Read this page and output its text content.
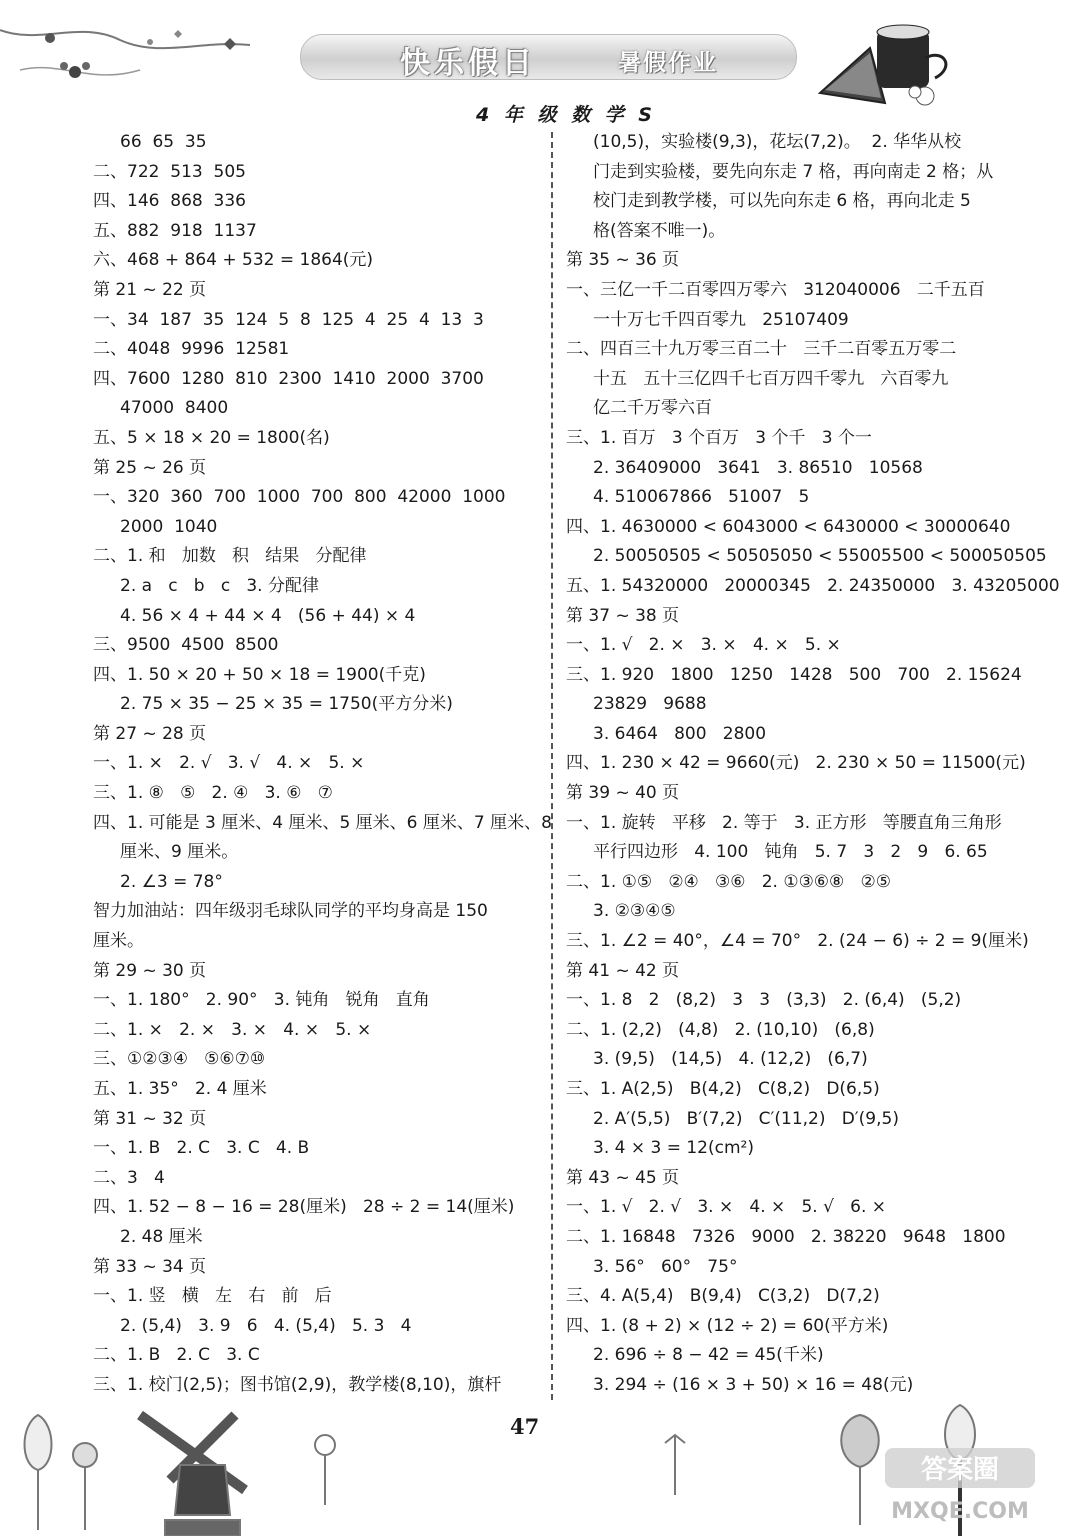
快乐假日	暑假作业
4 年 级 数 学 S
66  65  35
二、722  513  505
四、146  868  336
五、882  918  1137
六、468 + 864 + 532 = 1864(元)
第 21 ~ 22 页
一、34  187  35  124  5  8  125  4  25  4  13  3
二、4048  9996  12581
四、7600  1280  810  2300  1410  2000  3700
47000  8400
五、5 × 18 × 20 = 1800(名)
第 25 ~ 26 页
一、320  360  700  1000  700  800  42000  1000
2000  1040
二、1. 和   加数   积   结果   分配律
2. a   c   b   c   3. 分配律
4. 56 × 4 + 44 × 4   (56 + 44) × 4
三、9500  4500  8500
四、1. 50 × 20 + 50 × 18 = 1900(千克)
2. 75 × 35 − 25 × 35 = 1750(平方分米)
第 27 ~ 28 页
一、1. ×   2. √   3. √   4. ×   5. ×
三、1. ⑧   ⑤   2. ④   3. ⑥   ⑦
四、1. 可能是 3 厘米、4 厘米、5 厘米、6 厘米、7 厘米、8
厘米、9 厘米。
2. ∠3 = 78°
智力加油站：四年级羽毛球队同学的平均身高是 150
厘米。
第 29 ~ 30 页
一、1. 180°   2. 90°   3. 钝角   锐角   直角
二、1. ×   2. ×   3. ×   4. ×   5. ×
三、①②③④   ⑤⑥⑦⑩
五、1. 35°   2. 4 厘米
第 31 ~ 32 页
一、1. B   2. C   3. C   4. B
二、3   4
四、1. 52 − 8 − 16 = 28(厘米)   28 ÷ 2 = 14(厘米)
2. 48 厘米
第 33 ~ 34 页
一、1. 竖   横   左   右   前   后
2. (5,4)   3. 9   6   4. (5,4)   5. 3   4
二、1. B   2. C   3. C
三、1. 校门(2,5)；图书馆(2,9)，教学楼(8,10)，旗杆
(10,5)，实验楼(9,3)，花坛(7,2)。  2. 华华从校
门走到实验楼，要先向东走 7 格，再向南走 2 格；从
校门走到教学楼，可以先向东走 6 格，再向北走 5
格(答案不唯一)。
第 35 ~ 36 页
一、三亿一千二百零四万零六   312040006   二千五百
一十万七千四百零九   25107409
二、四百三十九万零三百二十   三千二百零五万零二
十五   五十三亿四千七百万四千零九   六百零九
亿二千万零六百
三、1. 百万   3 个百万   3 个千   3 个一
2. 36409000   3641   3. 86510   10568
4. 510067866   51007   5
四、1. 4630000 < 6043000 < 6430000 < 30000640
2. 50050505 < 50505050 < 55005500 < 500050505
五、1. 54320000   20000345   2. 24350000   3. 43205000
第 37 ~ 38 页
一、1. √   2. ×   3. ×   4. ×   5. ×
三、1. 920   1800   1250   1428   500   700   2. 15624
23829   9688
3. 6464   800   2800
四、1. 230 × 42 = 9660(元)   2. 230 × 50 = 11500(元)
第 39 ~ 40 页
一、1. 旋转   平移   2. 等于   3. 正方形   等腰直角三角形
平行四边形   4. 100   钝角   5. 7   3   2   9   6. 65
二、1. ①⑤   ②④   ③⑥   2. ①③⑥⑧   ②⑤
3. ②③④⑤
三、1. ∠2 = 40°，∠4 = 70°   2. (24 − 6) ÷ 2 = 9(厘米)
第 41 ~ 42 页
一、1. 8   2   (8,2)   3   3   (3,3)   2. (6,4)   (5,2)
二、1. (2,2)   (4,8)   2. (10,10)   (6,8)
3. (9,5)   (14,5)   4. (12,2)   (6,7)
三、1. A(2,5)   B(4,2)   C(8,2)   D(6,5)
2. A′(5,5)   B′(7,2)   C′(11,2)   D′(9,5)
3. 4 × 3 = 12(cm²)
第 43 ~ 45 页
一、1. √   2. √   3. ×   4. ×   5. √   6. ×
二、1. 16848   7326   9000   2. 38220   9648   1800
3. 56°   60°   75°
三、4. A(5,4)   B(9,4)   C(3,2)   D(7,2)
四、1. (8 + 2) × (12 ÷ 2) = 60(平方米)
2. 696 ÷ 8 − 42 = 45(千米)
3. 294 ÷ (16 × 3 + 50) × 16 = 48(元)
47
答案圈
MXQE.COM
